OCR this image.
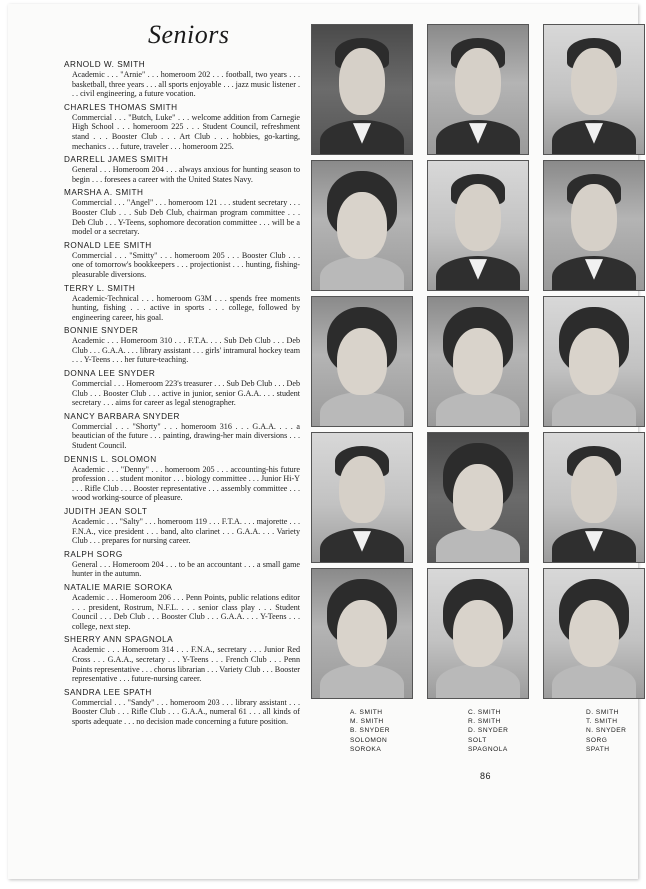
Seniors
ARNOLD W. SMITH

Academic . . . "Arnie" . . . homeroom 202 . . . football, two years . . . basketball, three years . . . all sports enjoyable . . . jazz music listener . . . civil engineering, a future vocation.

CHARLES THOMAS SMITH

Commercial . . . "Butch, Luke" . . . welcome addition from Carnegie High School . . . homeroom 225 . . . Student Council, refreshment stand . . . Booster Club . . . Art Club . . . hobbies, go-karting, mechanics . . . future, traveler . . . homeroom 225.

DARRELL JAMES SMITH

General . . . Homeroom 204 . . . always anxious for hunting season to begin . . . foresees a career with the United States Navy.

MARSHA A. SMITH

Commercial . . . "Angel" . . . homeroom 121 . . . student secretary . . . Booster Club . . . Sub Deb Club, chairman program committee . . . Deb Club . . . Y-Teens, sophomore decoration committee . . . will be a model or a secretary.

RONALD LEE SMITH

Commercial . . . "Smitty" . . . homeroom 205 . . . Booster Club . . . one of tomorrow's bookkeepers . . . projectionist . . . hunting, fishing-pleasurable diversions.

TERRY L. SMITH

Academic-Technical . . . homeroom G3M . . . spends free moments hunting, fishing . . . active in sports . . . college, followed by engineering career, his goal.

BONNIE SNYDER

Academic . . . Homeroom 310 . . . F.T.A. . . . Sub Deb Club . . . Deb Club . . . G.A.A. . . . library assistant . . . girls' intramural hockey team . . . Y-Teens . . . her future-teaching.

DONNA LEE SNYDER

Commercial . . . Homeroom 223's treasurer . . . Sub Deb Club . . . Deb Club . . . Booster Club . . . active in junior, senior G.A.A. . . . student secretary . . . aims for career as legal stenographer.

NANCY BARBARA SNYDER

Commercial . . . "Shorty" . . . homeroom 316 . . . G.A.A. . . . a beautician of the future . . . painting, drawing-her main diversions . . . Student Council.

DENNIS L. SOLOMON

Academic . . . "Denny" . . . homeroom 205 . . . accounting-his future profession . . . student monitor . . . biology committee . . . Junior Hi-Y . . . Rifle Club . . . Booster representative . . . assembly committee . . . wood working-source of pleasure.

JUDITH JEAN SOLT

Academic . . . "Salty" . . . homeroom 119 . . . F.T.A. . . . majorette . . . F.N.A., vice president . . . band, alto clarinet . . . G.A.A. . . . Variety Club . . . prepares for nursing career.

RALPH SORG

General . . . Homeroom 204 . . . to be an accountant . . . a small game hunter in the autumn.

NATALIE MARIE SOROKA

Academic . . . Homeroom 206 . . . Penn Points, public relations editor . . . president, Rostrum, N.F.L. . . . senior class play . . . Student Council . . . Deb Club . . . Booster Club . . . G.A.A. . . . Y-Teens . . . college, next step.

SHERRY ANN SPAGNOLA

Academic . . . Homeroom 314 . . . F.N.A., secretary . . . Junior Red Cross . . . G.A.A., secretary . . . Y-Teens . . . French Club . . . Penn Points representative . . . chorus librarian . . . Variety Club . . . Booster representative . . . future-nursing career.

SANDRA LEE SPATH

Commercial . . . "Sandy" . . . homeroom 203 . . . library assistant . . . Booster Club . . . Rifle Club . . . G.A.A., numeral 61 . . . all kinds of sports adequate . . . no decision made concerning a future position.

A. SMITH	C. SMITH	D. SMITH
M. SMITH	R. SMITH	T. SMITH
B. SNYDER	D. SNYDER	N. SNYDER
SOLOMON	SOLT	SORG
SOROKA	SPAGNOLA	SPATH
86
